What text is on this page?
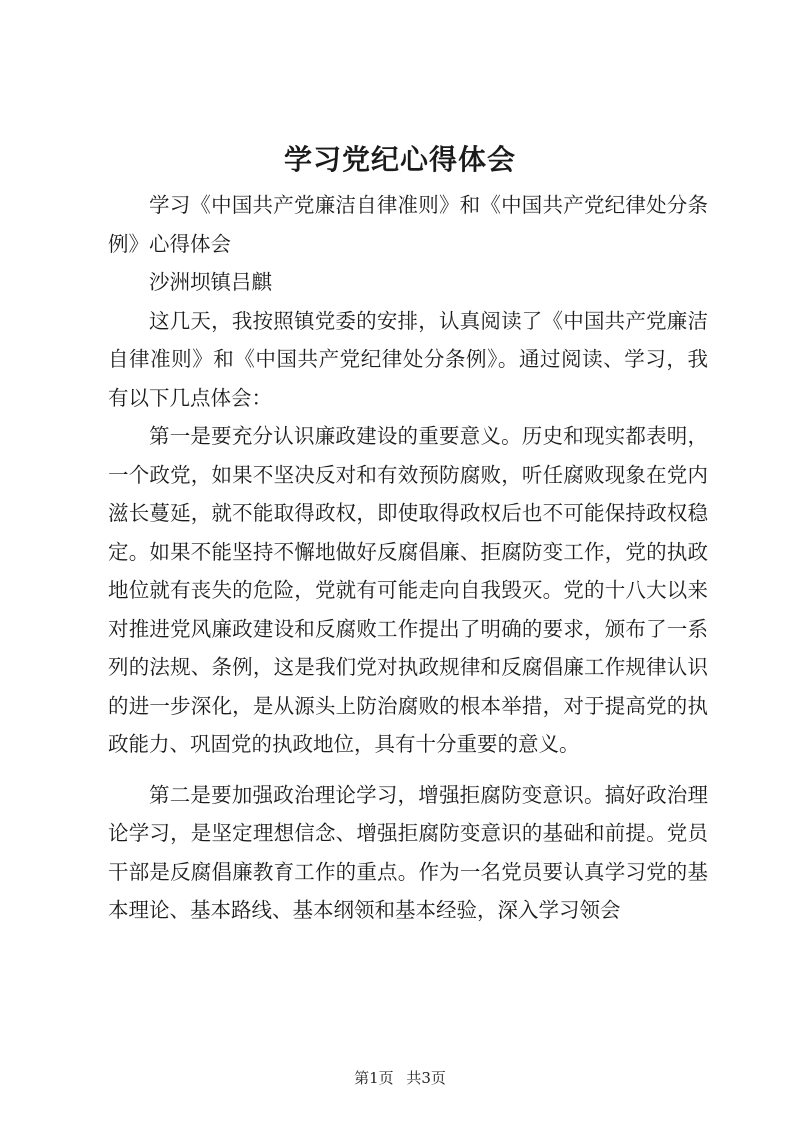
学习党纪心得体会

学习《中国共产党廉洁自律准则》和《中国共产党纪律处分条例》心得体会

沙洲坝镇吕麒

这几天，我按照镇党委的安排，认真阅读了《中国共产党廉洁自律准则》和《中国共产党纪律处分条例》。通过阅读、学习，我有以下几点体会：

第一是要充分认识廉政建设的重要意义。历史和现实都表明，一个政党，如果不坚决反对和有效预防腐败，听任腐败现象在党内滋长蔓延，就不能取得政权，即使取得政权后也不可能保持政权稳定。如果不能坚持不懈地做好反腐倡廉、拒腐防变工作，党的执政地位就有丧失的危险，党就有可能走向自我毁灭。党的十八大以来对推进党风廉政建设和反腐败工作提出了明确的要求，颁布了一系列的法规、条例，这是我们党对执政规律和反腐倡廉工作规律认识的进一步深化，是从源头上防治腐败的根本举措，对于提高党的执政能力、巩固党的执政地位，具有十分重要的意义。

第二是要加强政治理论学习，增强拒腐防变意识。搞好政治理论学习，是坚定理想信念、增强拒腐防变意识的基础和前提。党员干部是反腐倡廉教育工作的重点。作为一名党员要认真学习党的基本理论、基本路线、基本纲领和基本经验，深入学习领会

第1页 共3页
